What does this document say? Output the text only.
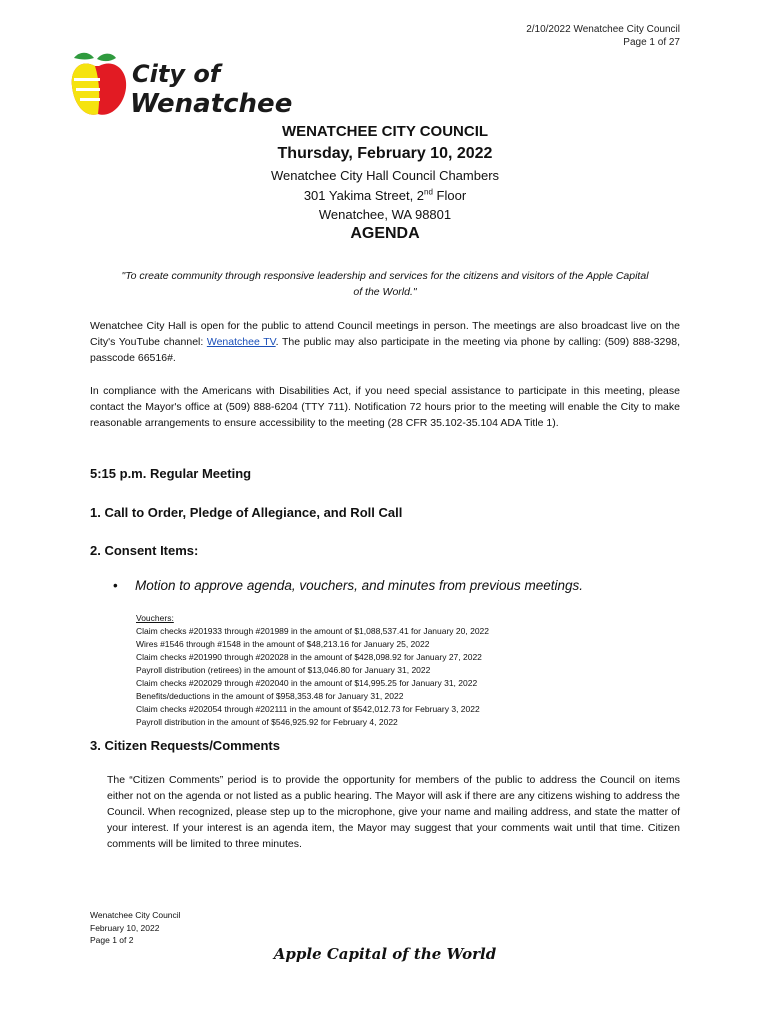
2/10/2022 Wenatchee City Council
Page 1 of 27
City of
Wenatchee
WENATCHEE CITY COUNCIL
Thursday, February 10, 2022
Wenatchee City Hall Council Chambers
301 Yakima Street, 2nd Floor
Wenatchee, WA 98801
AGENDA
"To create community through responsive leadership and services for the citizens and visitors of the Apple Capital of the World."
Wenatchee City Hall is open for the public to attend Council meetings in person. The meetings are also broadcast live on the City's YouTube channel: Wenatchee TV. The public may also participate in the meeting via phone by calling: (509) 888-3298, passcode 66516#.
In compliance with the Americans with Disabilities Act, if you need special assistance to participate in this meeting, please contact the Mayor's office at (509) 888-6204 (TTY 711). Notification 72 hours prior to the meeting will enable the City to make reasonable arrangements to ensure accessibility to the meeting (28 CFR 35.102-35.104 ADA Title 1).
5:15 p.m. Regular Meeting
1. Call to Order, Pledge of Allegiance, and Roll Call
2. Consent Items:
• Motion to approve agenda, vouchers, and minutes from previous meetings.
Vouchers:
Claim checks #201933 through #201989 in the amount of $1,088,537.41 for January 20, 2022
Wires #1546 through #1548 in the amount of $48,213.16 for January 25, 2022
Claim checks #201990 through #202028 in the amount of $428,098.92 for January 27, 2022
Payroll distribution (retirees) in the amount of $13,046.80 for January 31, 2022
Claim checks #202029 through #202040 in the amount of $14,995.25 for January 31, 2022
Benefits/deductions in the amount of $958,353.48 for January 31, 2022
Claim checks #202054 through #202111 in the amount of $542,012.73 for February 3, 2022
Payroll distribution in the amount of $546,925.92 for February 4, 2022
3. Citizen Requests/Comments
The “Citizen Comments” period is to provide the opportunity for members of the public to address the Council on items either not on the agenda or not listed as a public hearing. The Mayor will ask if there are any citizens wishing to address the Council. When recognized, please step up to the microphone, give your name and mailing address, and state the matter of your interest. If your interest is an agenda item, the Mayor may suggest that your comments wait until that time. Citizen comments will be limited to three minutes.
Wenatchee City Council
February 10, 2022
Page 1 of 2
Apple Capital of the World
